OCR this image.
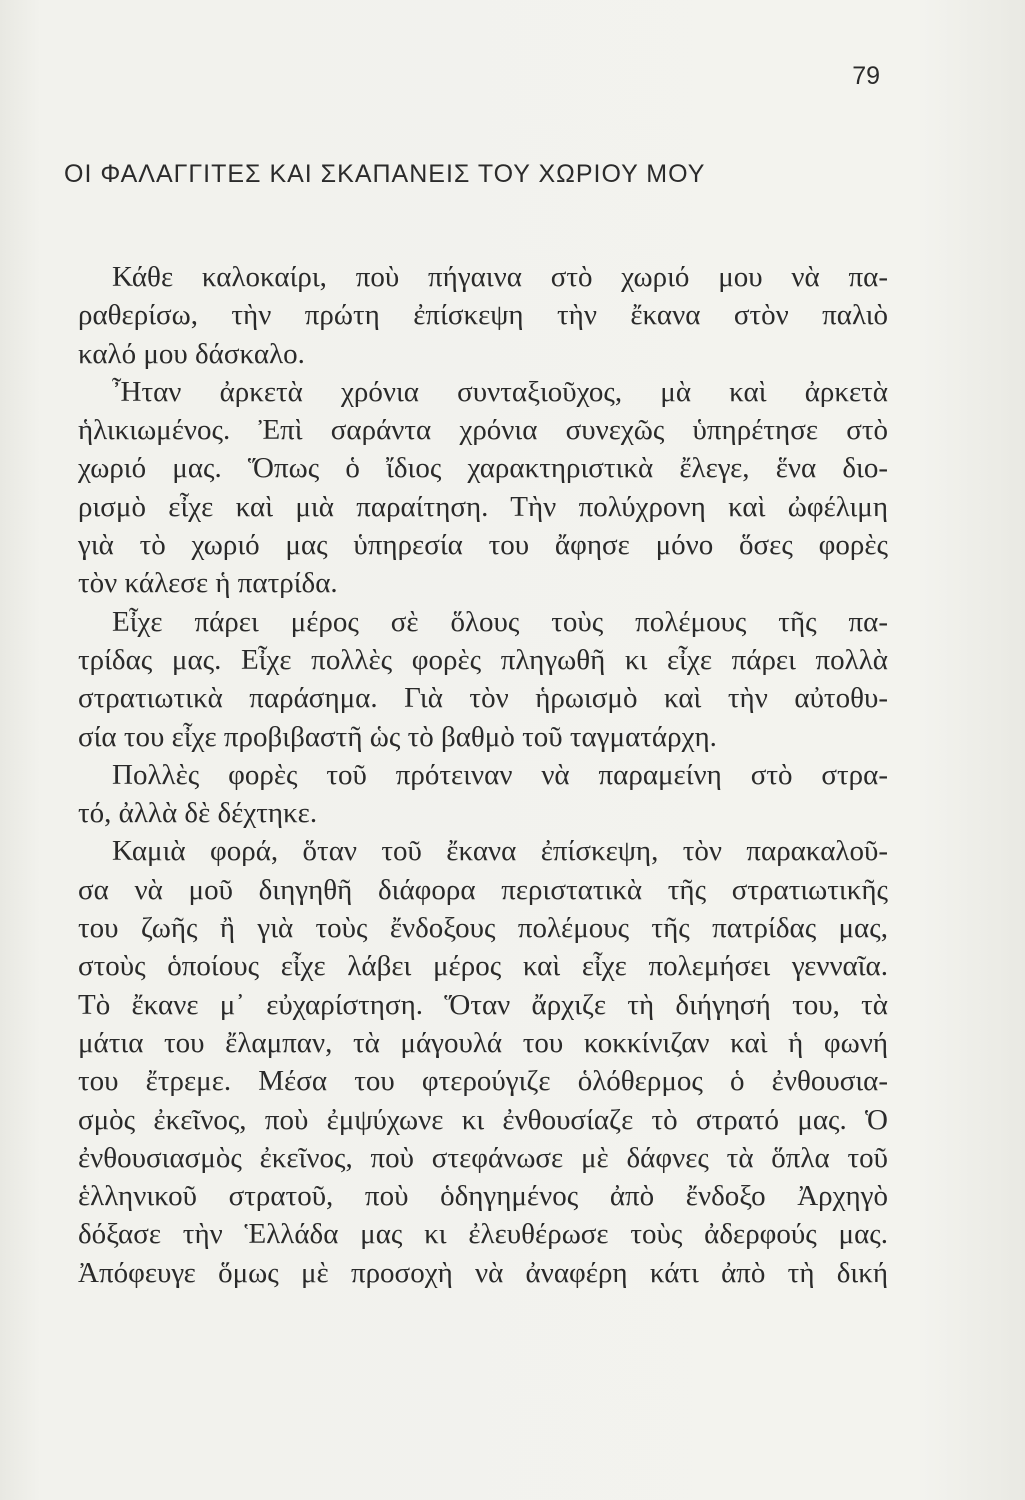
79
ΟΙ ΦΑΛΑΓΓΙΤΕΣ ΚΑΙ ΣΚΑΠΑΝΕΙΣ ΤΟΥ ΧΩΡΙΟΥ ΜΟΥ
Κάθε καλοκαίρι, ποὺ πήγαινα στὸ χωριό μου νὰ πα-
ραθερίσω, τὴν πρώτη ἐπίσκεψη τὴν ἔκανα στὸν παλιὸ
καλό μου δάσκαλο.
Ἦταν ἀρκετὰ χρόνια συνταξιοῦχος, μὰ καὶ ἀρκετὰ
ἡλικιωμένος. Ἐπὶ σαράντα χρόνια συνεχῶς ὑπηρέτησε στὸ
χωριό μας. Ὅπως ὁ ἴδιος χαρακτηριστικὰ ἔλεγε, ἕνα διο-
ρισμὸ εἶχε καὶ μιὰ παραίτηση. Τὴν πολύχρονη καὶ ὠφέλιμη
γιὰ τὸ χωριό μας ὑπηρεσία του ἄφησε μόνο ὅσες φορὲς
τὸν κάλεσε ἡ πατρίδα.
Εἶχε πάρει μέρος σὲ ὅλους τοὺς πολέμους τῆς πα-
τρίδας μας. Εἶχε πολλὲς φορὲς πληγωθῆ κι εἶχε πάρει πολλὰ
στρατιωτικὰ παράσημα. Γιὰ τὸν ἡρωισμὸ καὶ τὴν αὐτοθυ-
σία του εἶχε προβιβαστῆ ὡς τὸ βαθμὸ τοῦ ταγματάρχη.
Πολλὲς φορὲς τοῦ πρότειναν νὰ παραμείνη στὸ στρα-
τό, ἀλλὰ δὲ δέχτηκε.
Καμιὰ φορά, ὅταν τοῦ ἔκανα ἐπίσκεψη, τὸν παρακαλοῦ-
σα νὰ μοῦ διηγηθῆ διάφορα περιστατικὰ τῆς στρατιωτικῆς
του ζωῆς ἢ γιὰ τοὺς ἔνδοξους πολέμους τῆς πατρίδας μας,
στοὺς ὁποίους εἶχε λάβει μέρος καὶ εἶχε πολεμήσει γενναῖα.
Τὸ ἔκανε μ᾿ εὐχαρίστηση. Ὅταν ἄρχιζε τὴ διήγησή του, τὰ
μάτια του ἔλαμπαν, τὰ μάγουλά του κοκκίνιζαν καὶ ἡ φωνή
του ἔτρεμε. Μέσα του φτερούγιζε ὁλόθερμος ὁ ἐνθουσια-
σμὸς ἐκεῖνος, ποὺ ἐμψύχωνε κι ἐνθουσίαζε τὸ στρατό μας. Ὁ
ἐνθουσιασμὸς ἐκεῖνος, ποὺ στεφάνωσε μὲ δάφνες τὰ ὅπλα τοῦ
ἑλληνικοῦ στρατοῦ, ποὺ ὁδηγημένος ἀπὸ ἔνδοξο Ἀρχηγὸ
δόξασε τὴν Ἑλλάδα μας κι ἐλευθέρωσε τοὺς ἀδερφούς μας.
Ἀπόφευγε ὅμως μὲ προσοχὴ νὰ ἀναφέρη κάτι ἀπὸ τὴ δική
